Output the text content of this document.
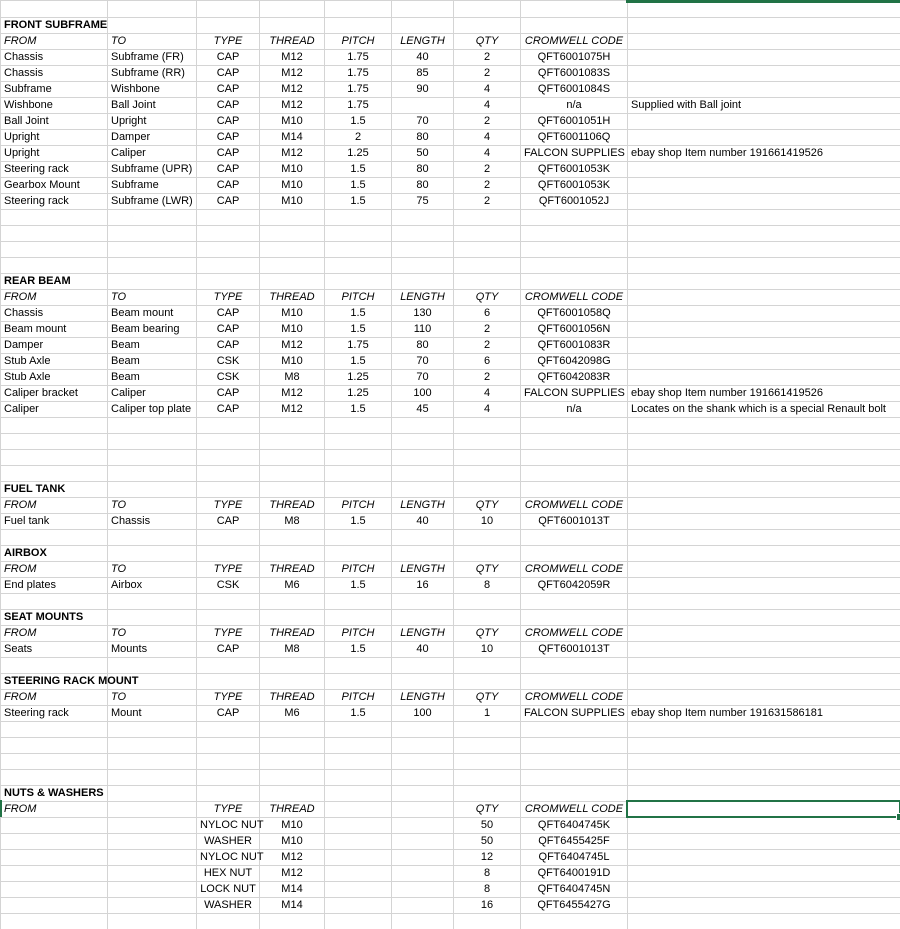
FRONT SUBFRAME								
FROM	TO	TYPE	THREAD	PITCH	LENGTH	QTY	CROMWELL CODE	
Chassis	Subframe (FR)	CAP	M12	1.75	40	2	QFT6001075H	
Chassis	Subframe (RR)	CAP	M12	1.75	85	2	QFT6001083S	
Subframe	Wishbone	CAP	M12	1.75	90	4	QFT6001084S	
Wishbone	Ball Joint	CAP	M12	1.75		4	n/a	Supplied with Ball joint
Ball Joint	Upright	CAP	M10	1.5	70	2	QFT6001051H	
Upright	Damper	CAP	M14	2	80	4	QFT6001106Q	
Upright	Caliper	CAP	M12	1.25	50	4	FALCON SUPPLIES	ebay shop Item number 191661419526
Steering rack	Subframe (UPR)	CAP	M10	1.5	80	2	QFT6001053K	
Gearbox Mount	Subframe	CAP	M10	1.5	80	2	QFT6001053K	
Steering rack	Subframe (LWR)	CAP	M10	1.5	75	2	QFT6001052J	

REAR BEAM								
FROM	TO	TYPE	THREAD	PITCH	LENGTH	QTY	CROMWELL CODE	
Chassis	Beam mount	CAP	M10	1.5	130	6	QFT6001058Q	
Beam mount	Beam bearing	CAP	M10	1.5	110	2	QFT6001056N	
Damper	Beam	CAP	M12	1.75	80	2	QFT6001083R	
Stub Axle	Beam	CSK	M10	1.5	70	6	QFT6042098G	
Stub Axle	Beam	CSK	M8	1.25	70	2	QFT6042083R	
Caliper bracket	Caliper	CAP	M12	1.25	100	4	FALCON SUPPLIES	ebay shop Item number 191661419526
Caliper	Caliper top plate	CAP	M12	1.5	45	4	n/a	Locates on the shank which is a special Renault bolt

FUEL TANK								
FROM	TO	TYPE	THREAD	PITCH	LENGTH	QTY	CROMWELL CODE	
Fuel tank	Chassis	CAP	M8	1.5	40	10	QFT6001013T	

AIRBOX								
FROM	TO	TYPE	THREAD	PITCH	LENGTH	QTY	CROMWELL CODE	
End plates	Airbox	CSK	M6	1.5	16	8	QFT6042059R	

SEAT MOUNTS								
FROM	TO	TYPE	THREAD	PITCH	LENGTH	QTY	CROMWELL CODE	
Seats	Mounts	CAP	M8	1.5	40	10	QFT6001013T	

STEERING RACK MOUNT								
FROM	TO	TYPE	THREAD	PITCH	LENGTH	QTY	CROMWELL CODE	
Steering rack	Mount	CAP	M6	1.5	100	1	FALCON SUPPLIES	ebay shop Item number 191631586181

NUTS & WASHERS								
FROM		TYPE	THREAD			QTY	CROMWELL CODE	
		NYLOC NUT	M10			50	QFT6404745K	
		WASHER	M10			50	QFT6455425F	
		NYLOC NUT	M12			12	QFT6404745L	
		HEX NUT	M12			8	QFT6400191D	
		LOCK NUT	M14			8	QFT6404745N	
		WASHER	M14			16	QFT6455427G	
